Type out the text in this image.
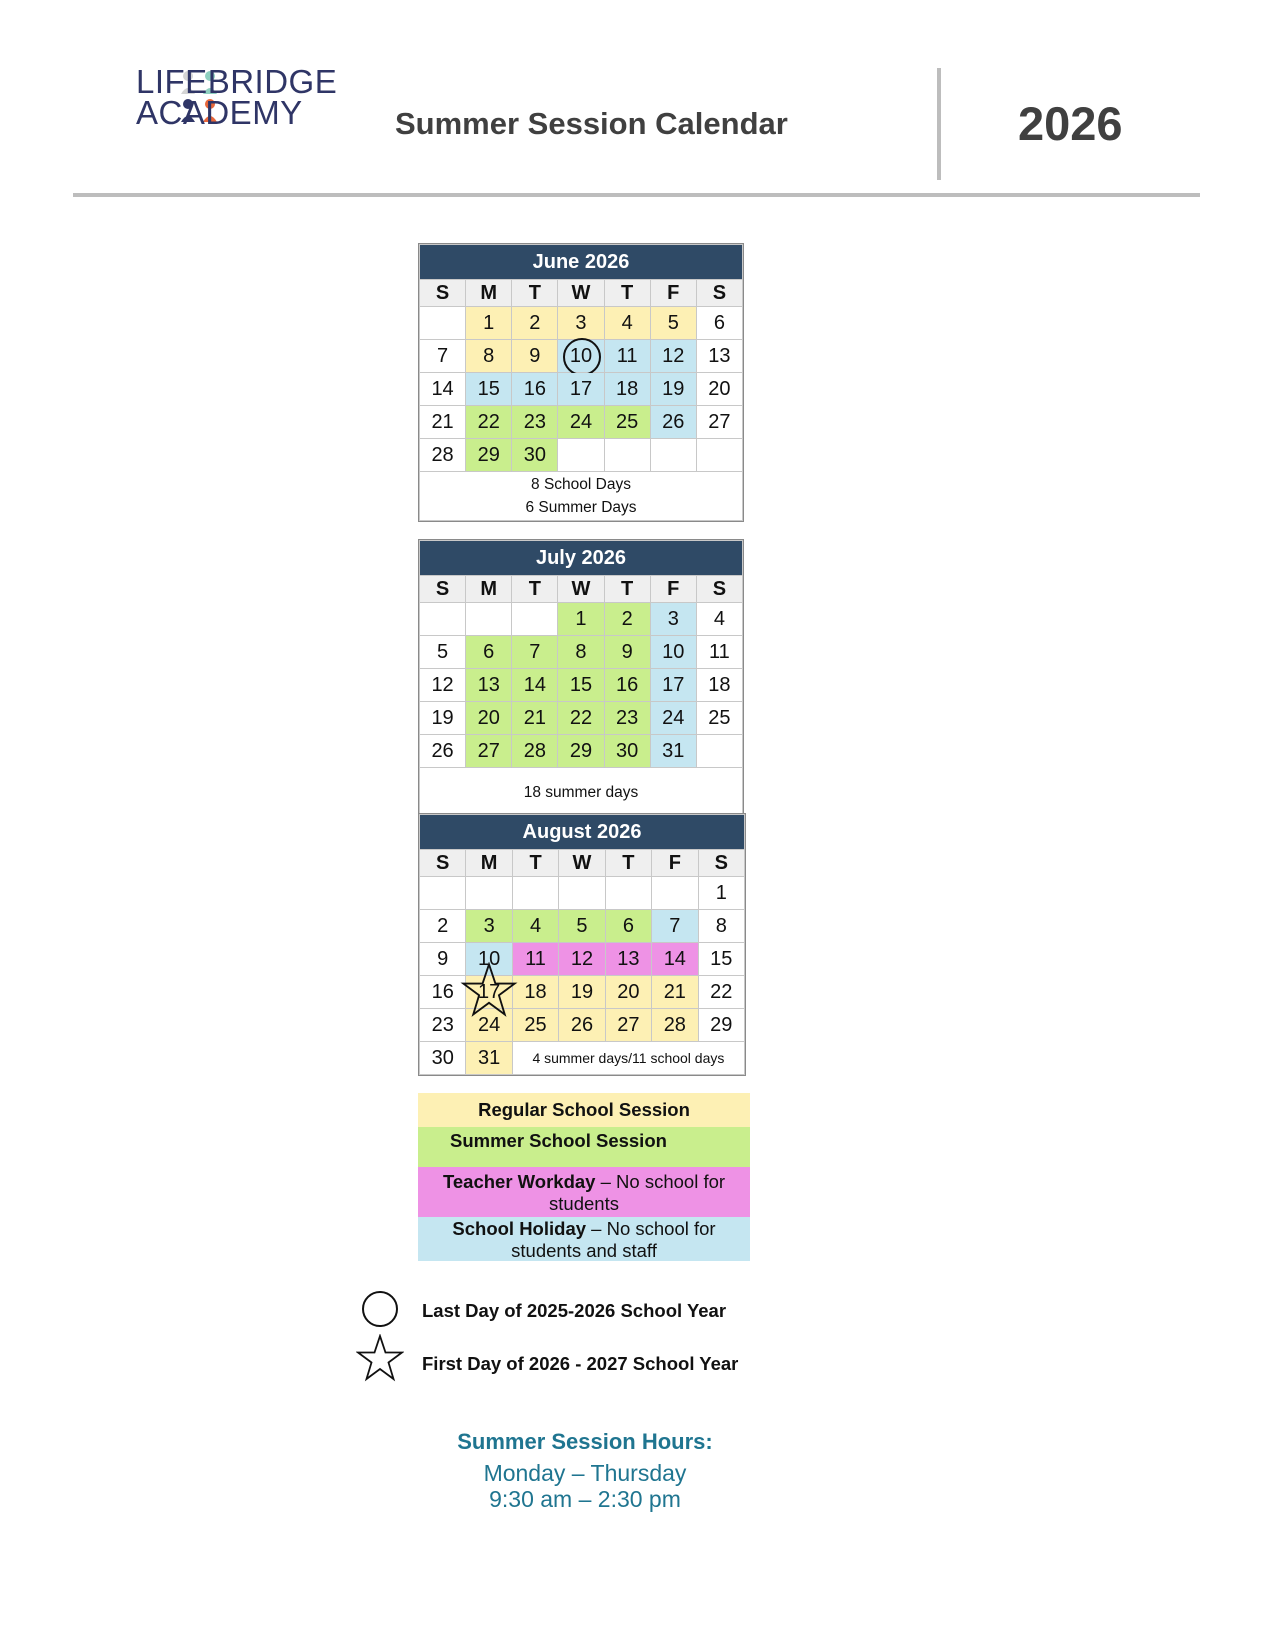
LIFEBRIDGE
ACADEMY	Summer Session Calendar	2026
June 2026						
S	M	T	W	T	F	S
	1	2	3	4	5	6
7	8	9	10	11	12	13
14	15	16	17	18	19	20
21	22	23	24	25	26	27
28	29	30				

8 School Days
6 Summer Days						
July 2026						
S	M	T	W	T	F	S
			1	2	3	4
5	6	7	8	9	10	11
12	13	14	15	16	17	18
19	20	21	22	23	24	25
26	27	28	29	30	31	

18 summer days						
August 2026						
S	M	T	W	T	F	S
						1
2	3	4	5	6	7	8
9	10	11	12	13	14	15
16	17	18	19	20	21	22
23	24	25	26	27	28	29
30	31	4 summer days/11 school days				
Regular School Session
Summer School Session
Teacher Workday – No school for students
School Holiday – No school for students and staff
Last Day of 2025-2026 School Year
First Day of 2026 - 2027 School Year
Summer Session Hours:
Monday – Thursday
9:30 am – 2:30 pm
